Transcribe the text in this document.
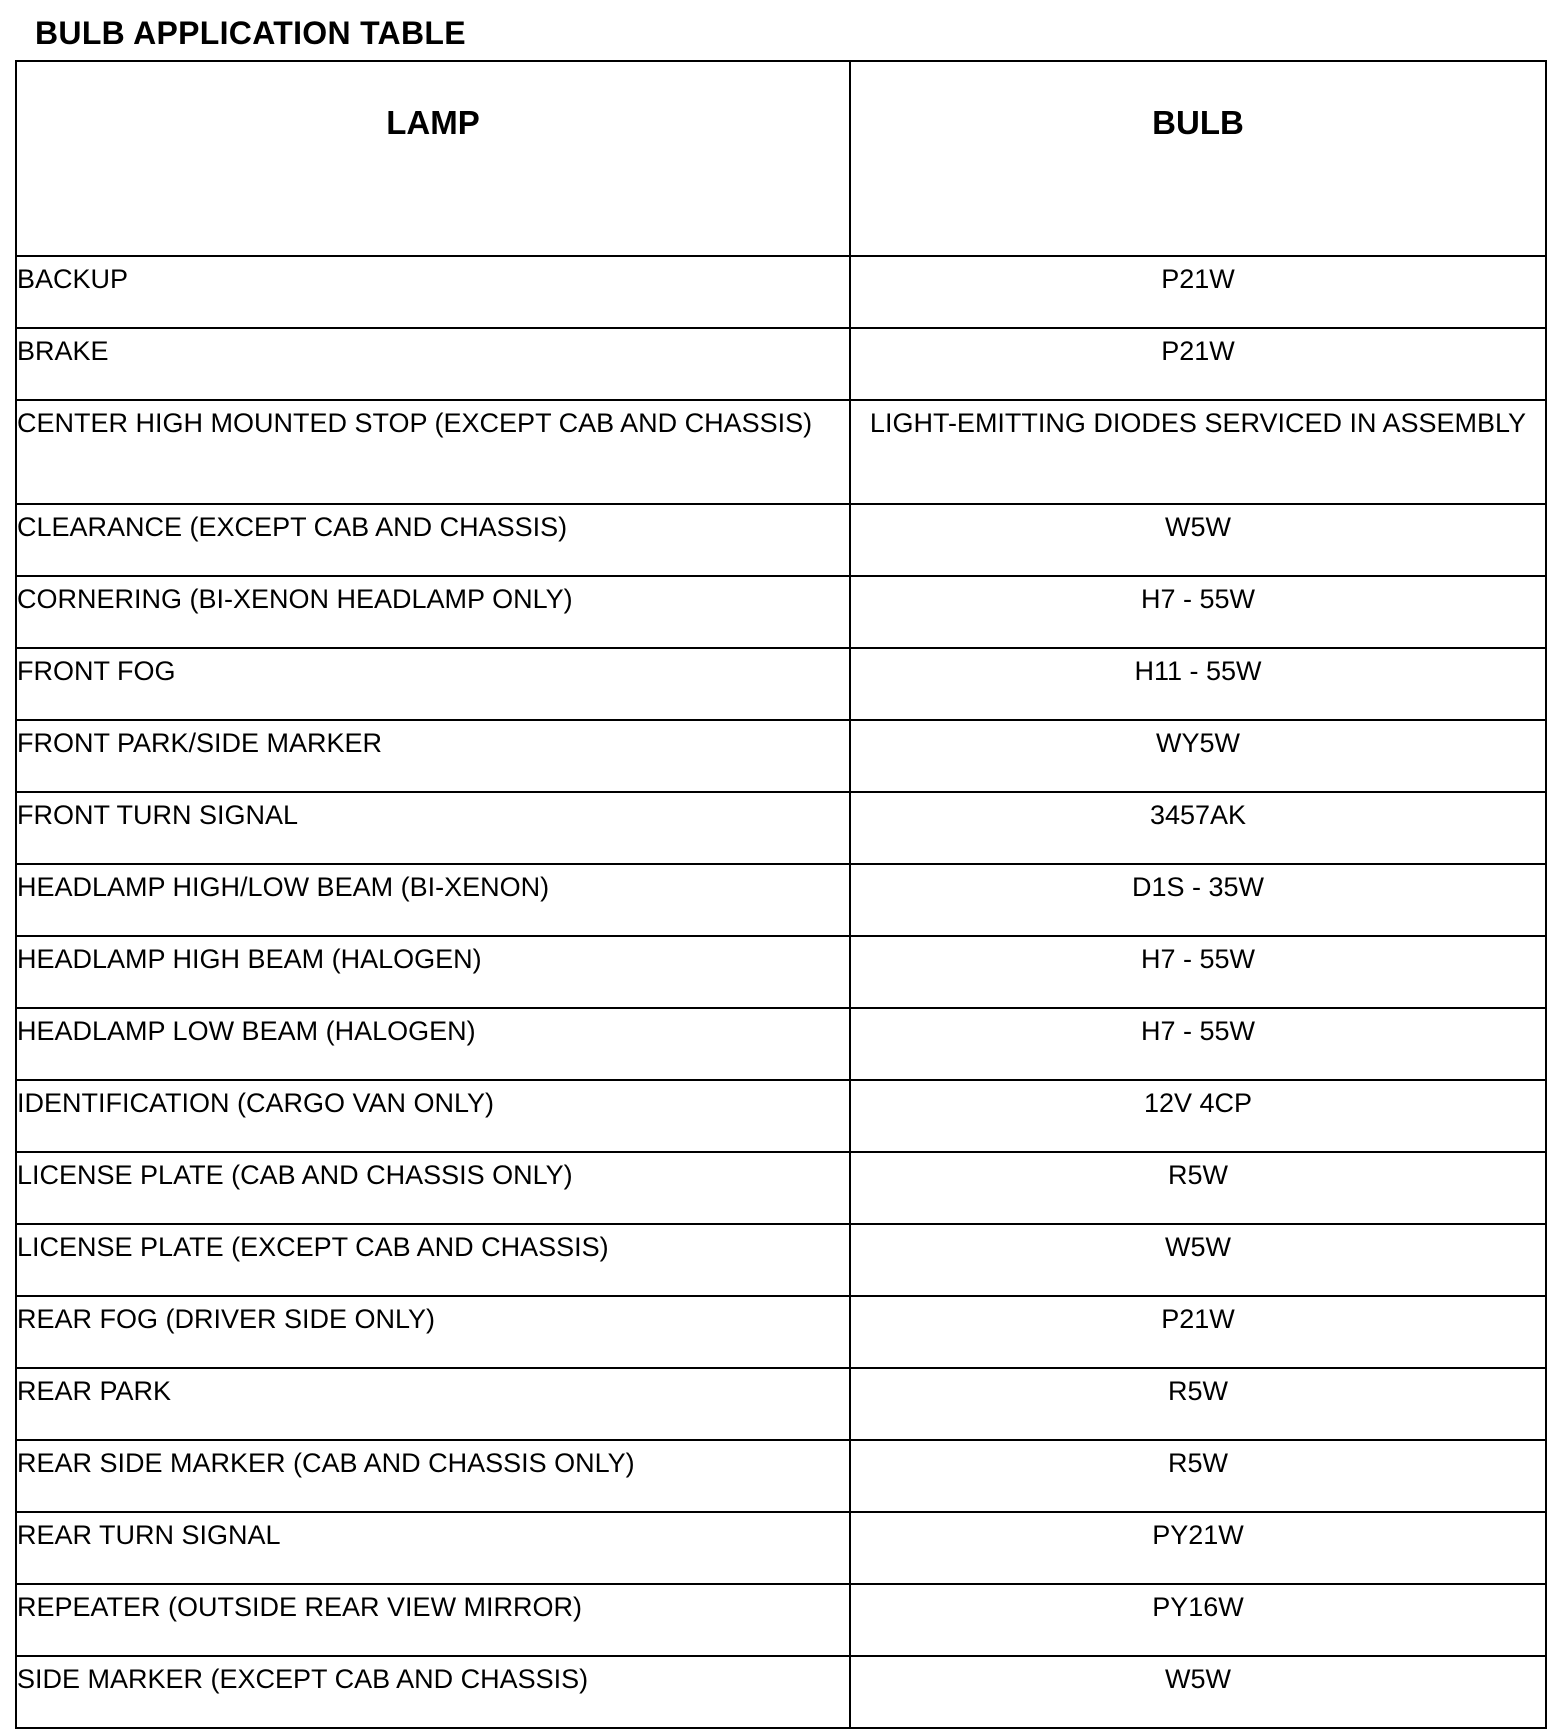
BULB APPLICATION TABLE
LAMP	BULB
BACKUP	P21W
BRAKE	P21W
CENTER HIGH MOUNTED STOP (EXCEPT CAB AND CHASSIS)	LIGHT-EMITTING DIODES SERVICED IN ASSEMBLY
CLEARANCE (EXCEPT CAB AND CHASSIS)	W5W
CORNERING (BI-XENON HEADLAMP ONLY)	H7 - 55W
FRONT FOG	H11 - 55W
FRONT PARK/SIDE MARKER	WY5W
FRONT TURN SIGNAL	3457AK
HEADLAMP HIGH/LOW BEAM (BI-XENON)	D1S - 35W
HEADLAMP HIGH BEAM (HALOGEN)	H7 - 55W
HEADLAMP LOW BEAM (HALOGEN)	H7 - 55W
IDENTIFICATION (CARGO VAN ONLY)	12V 4CP
LICENSE PLATE (CAB AND CHASSIS ONLY)	R5W
LICENSE PLATE (EXCEPT CAB AND CHASSIS)	W5W
REAR FOG (DRIVER SIDE ONLY)	P21W
REAR PARK	R5W
REAR SIDE MARKER (CAB AND CHASSIS ONLY)	R5W
REAR TURN SIGNAL	PY21W
REPEATER (OUTSIDE REAR VIEW MIRROR)	PY16W
SIDE MARKER (EXCEPT CAB AND CHASSIS)	W5W
